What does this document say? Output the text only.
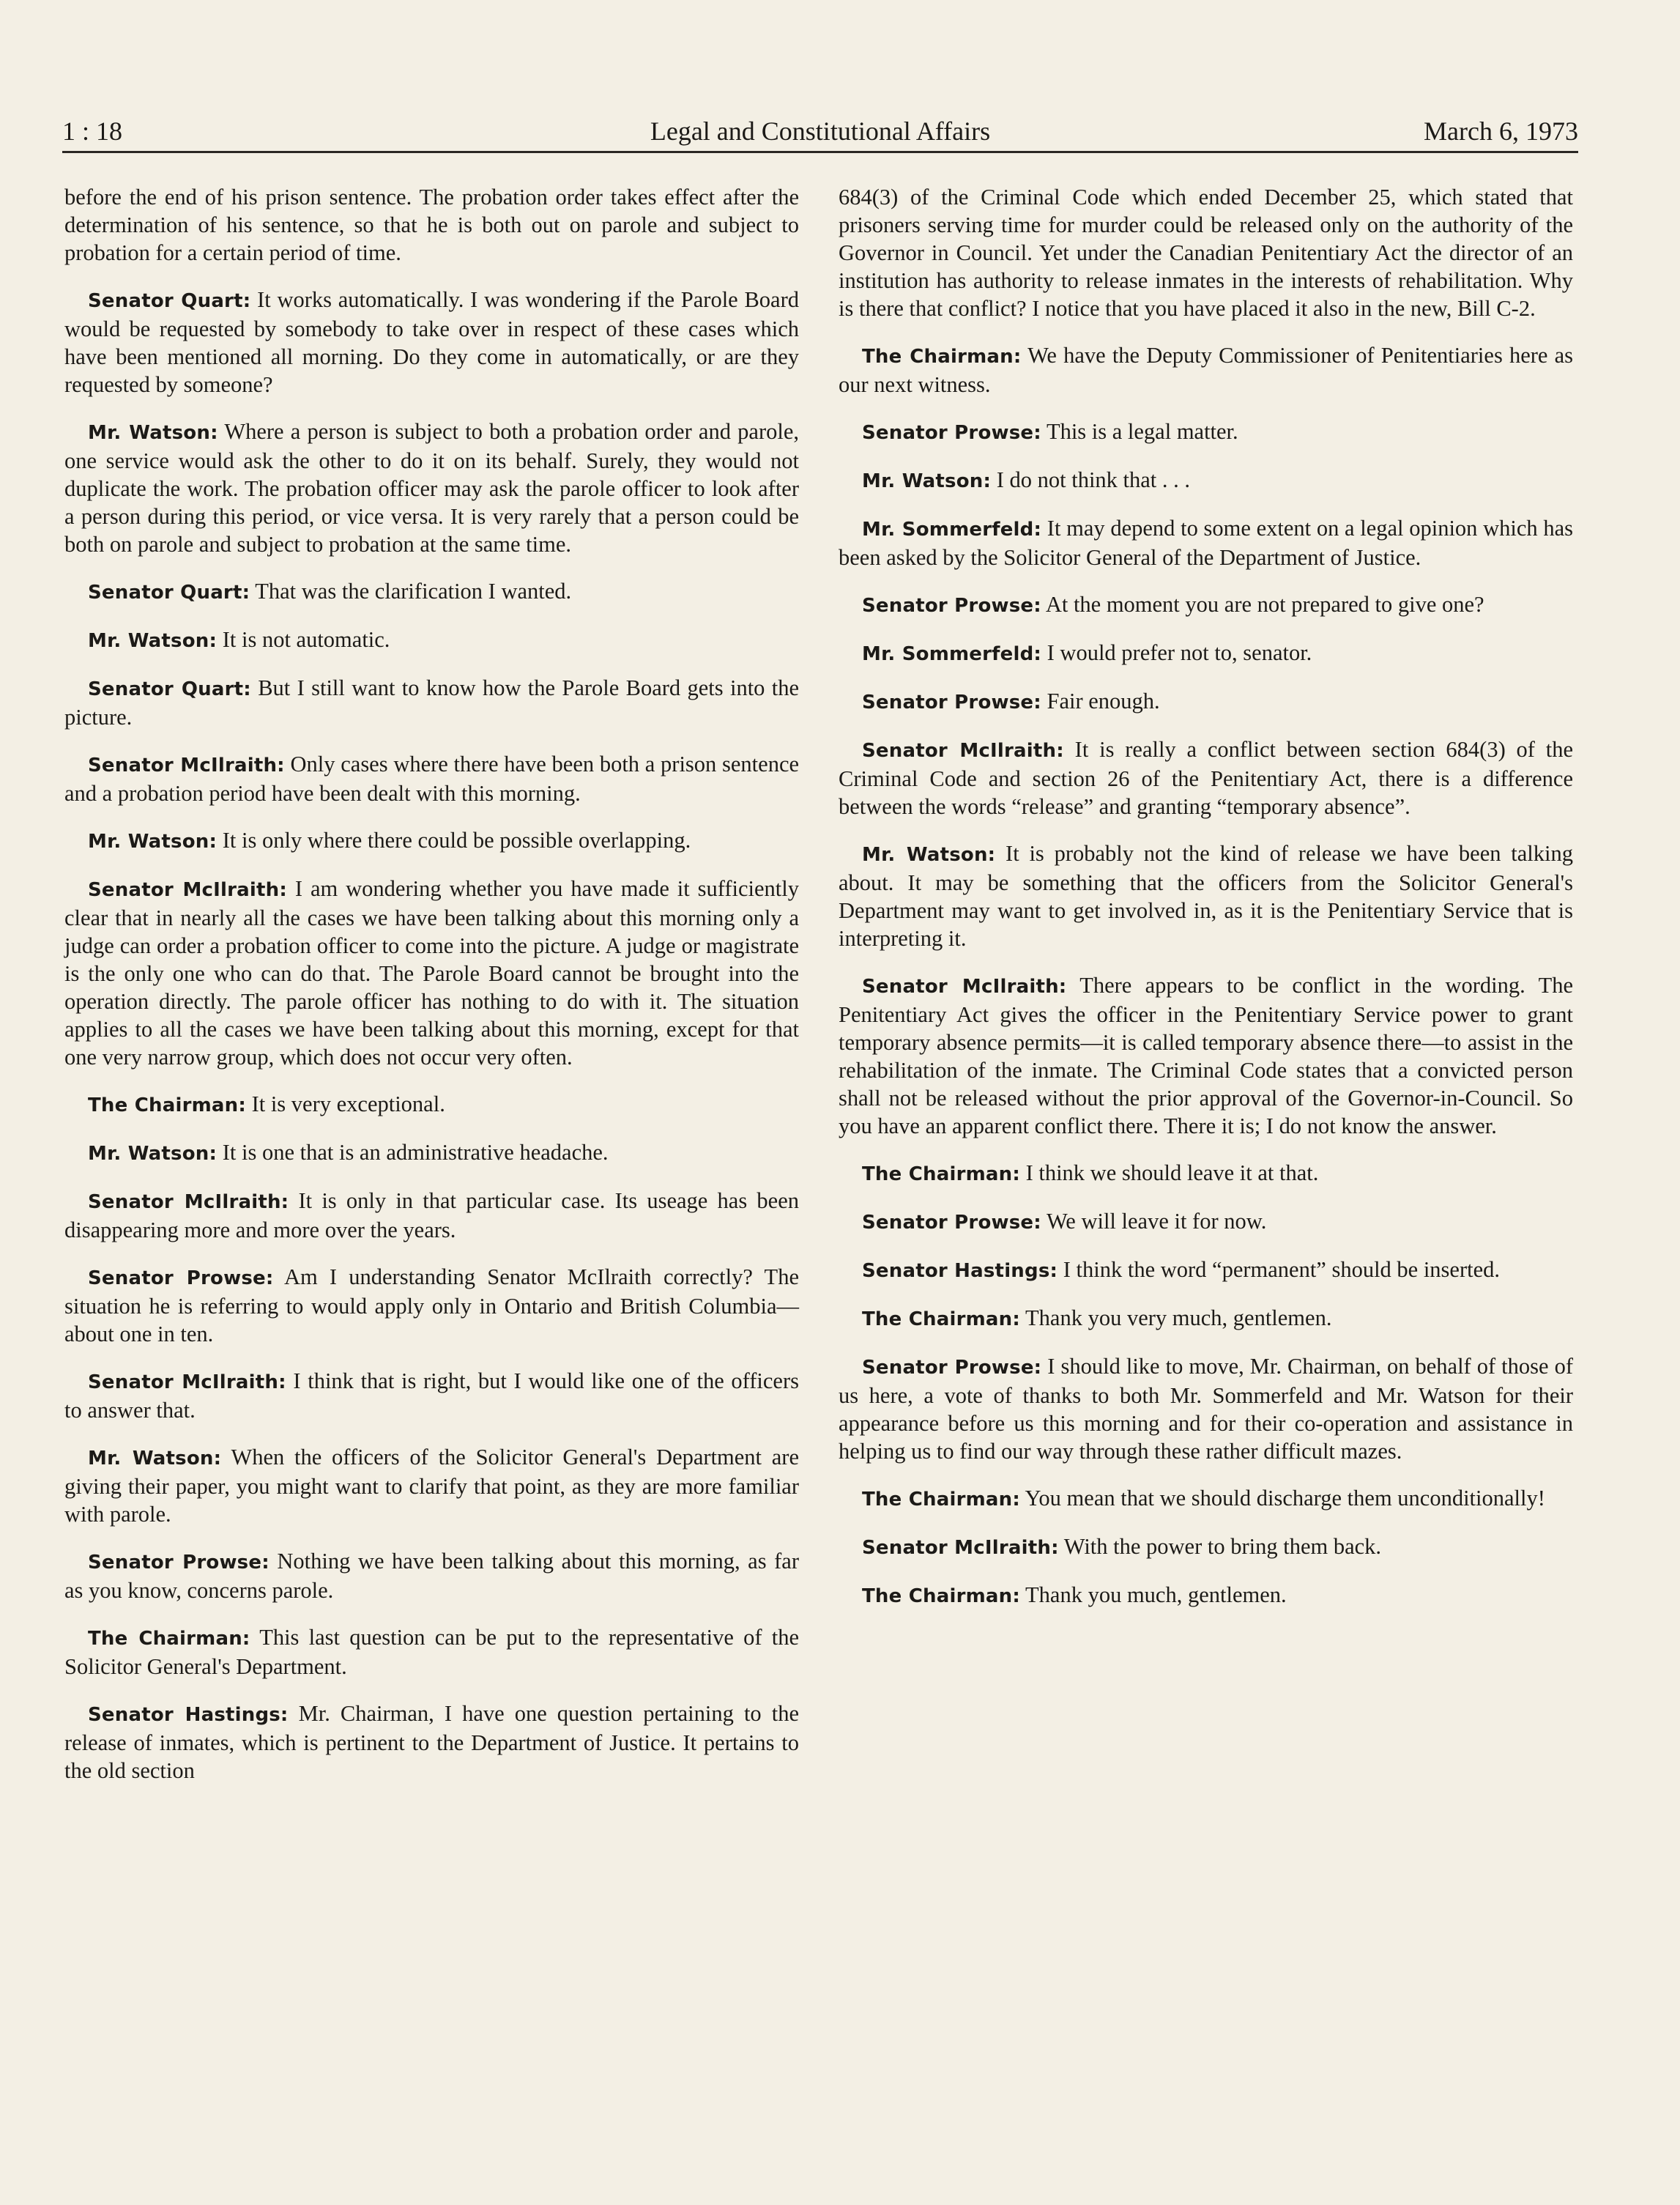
1 : 18	Legal and Constitutional Affairs	March 6, 1973

before the end of his prison sentence. The probation order takes effect after the determination of his sentence, so that he is both out on parole and subject to probation for a certain period of time.

Senator Quart: It works automatically. I was wondering if the Parole Board would be requested by somebody to take over in respect of these cases which have been mentioned all morning. Do they come in automatically, or are they requested by someone?

Mr. Watson: Where a person is subject to both a probation order and parole, one service would ask the other to do it on its behalf. Surely, they would not duplicate the work. The probation officer may ask the parole officer to look after a person during this period, or vice versa. It is very rarely that a person could be both on parole and subject to probation at the same time.

Senator Quart: That was the clarification I wanted.

Mr. Watson: It is not automatic.

Senator Quart: But I still want to know how the Parole Board gets into the picture.

Senator McIlraith: Only cases where there have been both a prison sentence and a probation period have been dealt with this morning.

Mr. Watson: It is only where there could be possible overlapping.

Senator McIlraith: I am wondering whether you have made it sufficiently clear that in nearly all the cases we have been talking about this morning only a judge can order a probation officer to come into the picture. A judge or magistrate is the only one who can do that. The Parole Board cannot be brought into the operation directly. The parole officer has nothing to do with it. The situation applies to all the cases we have been talking about this morning, except for that one very narrow group, which does not occur very often.

The Chairman: It is very exceptional.

Mr. Watson: It is one that is an administrative headache.

Senator McIlraith: It is only in that particular case. Its useage has been disappearing more and more over the years.

Senator Prowse: Am I understanding Senator McIlraith correctly? The situation he is referring to would apply only in Ontario and British Columbia—about one in ten.

Senator McIlraith: I think that is right, but I would like one of the officers to answer that.

Mr. Watson: When the officers of the Solicitor General's Department are giving their paper, you might want to clarify that point, as they are more familiar with parole.

Senator Prowse: Nothing we have been talking about this morning, as far as you know, concerns parole.

The Chairman: This last question can be put to the representative of the Solicitor General's Department.

Senator Hastings: Mr. Chairman, I have one question pertaining to the release of inmates, which is pertinent to the Department of Justice. It pertains to the old section

684(3) of the Criminal Code which ended December 25, which stated that prisoners serving time for murder could be released only on the authority of the Governor in Council. Yet under the Canadian Penitentiary Act the director of an institution has authority to release inmates in the interests of rehabilitation. Why is there that conflict? I notice that you have placed it also in the new, Bill C-2.

The Chairman: We have the Deputy Commissioner of Penitentiaries here as our next witness.

Senator Prowse: This is a legal matter.

Mr. Watson: I do not think that . . .

Mr. Sommerfeld: It may depend to some extent on a legal opinion which has been asked by the Solicitor General of the Department of Justice.

Senator Prowse: At the moment you are not prepared to give one?

Mr. Sommerfeld: I would prefer not to, senator.

Senator Prowse: Fair enough.

Senator McIlraith: It is really a conflict between section 684(3) of the Criminal Code and section 26 of the Penitentiary Act, there is a difference between the words “release” and granting “temporary absence”.

Mr. Watson: It is probably not the kind of release we have been talking about. It may be something that the officers from the Solicitor General's Department may want to get involved in, as it is the Penitentiary Service that is interpreting it.

Senator McIlraith: There appears to be conflict in the wording. The Penitentiary Act gives the officer in the Penitentiary Service power to grant temporary absence permits—it is called temporary absence there—to assist in the rehabilitation of the inmate. The Criminal Code states that a convicted person shall not be released without the prior approval of the Governor-in-Council. So you have an apparent conflict there. There it is; I do not know the answer.

The Chairman: I think we should leave it at that.

Senator Prowse: We will leave it for now.

Senator Hastings: I think the word “permanent” should be inserted.

The Chairman: Thank you very much, gentlemen.

Senator Prowse: I should like to move, Mr. Chairman, on behalf of those of us here, a vote of thanks to both Mr. Sommerfeld and Mr. Watson for their appearance before us this morning and for their co-operation and assistance in helping us to find our way through these rather difficult mazes.

The Chairman: You mean that we should discharge them unconditionally!

Senator McIlraith: With the power to bring them back.

The Chairman: Thank you much, gentlemen.
